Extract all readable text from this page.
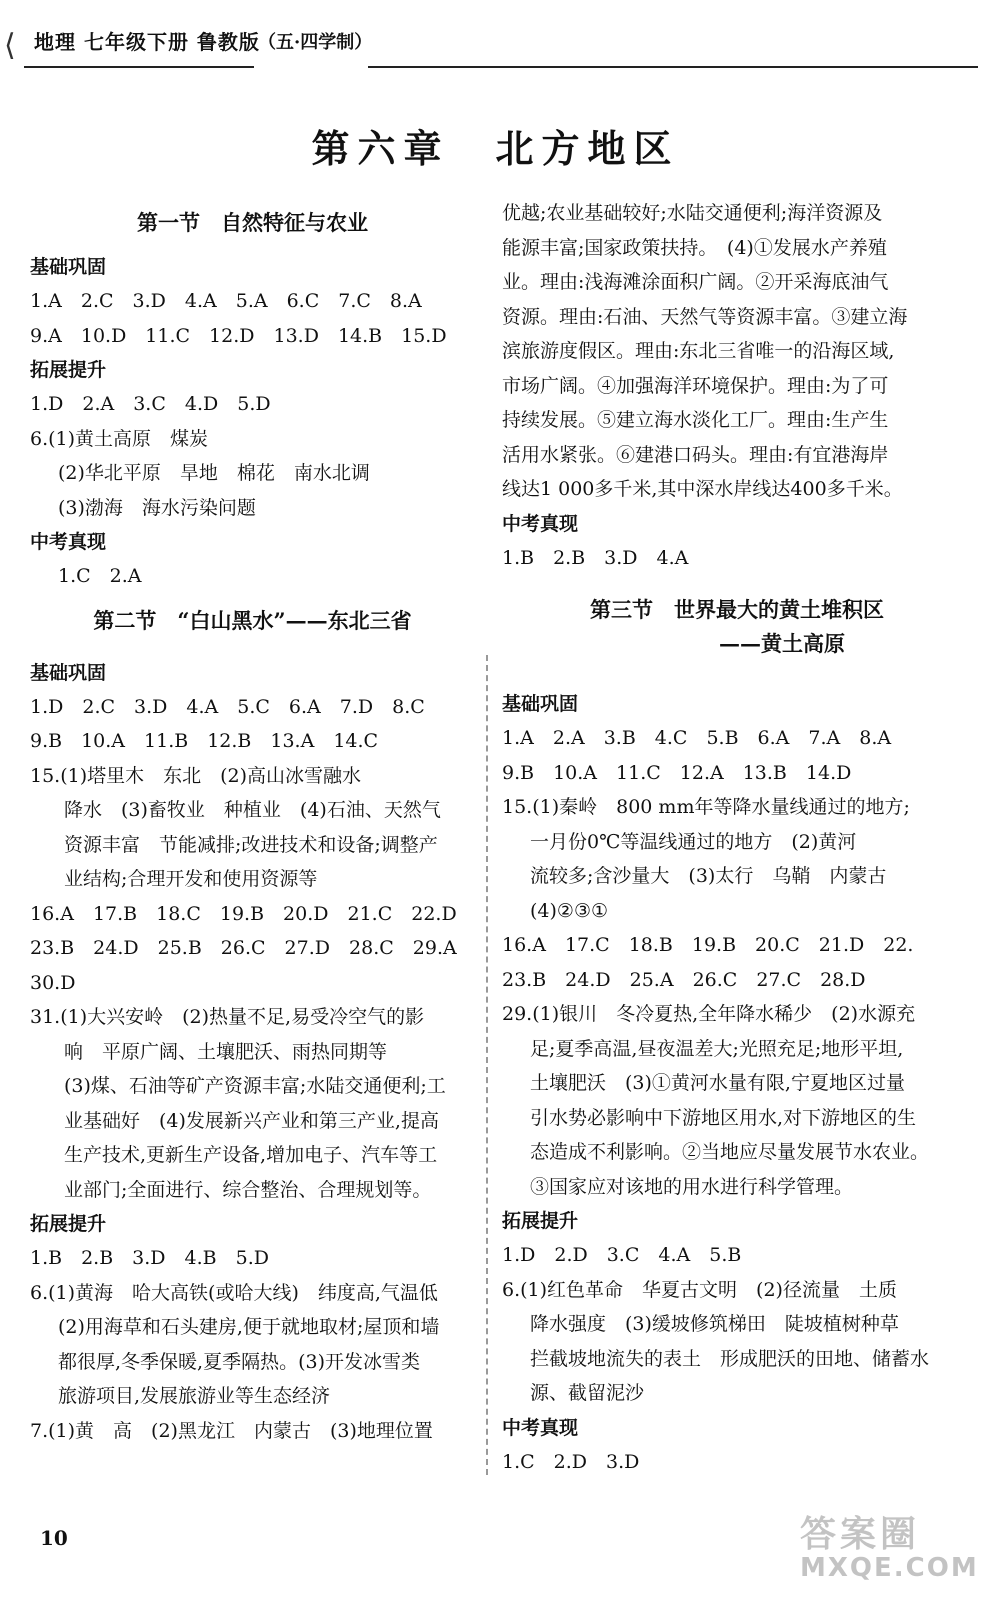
⟨ 地理 七年级下册 鲁教版
（五·四学制）
第六章　北方地区
第一节　自然特征与农业
基础巩固
1.A　2.C　3.D　4.A　5.A　6.C　7.C　8.A
9.A　10.D　11.C　12.D　13.D　14.B　15.D
拓展提升
1.D　2.A　3.C　4.D　5.D
6.(1)黄土高原　煤炭
(2)华北平原　旱地　棉花　南水北调
(3)渤海　海水污染问题
中考真现
1.C　2.A
第二节　“白山黑水”——东北三省
基础巩固
1.D　2.C　3.D　4.A　5.C　6.A　7.D　8.C
9.B　10.A　11.B　12.B　13.A　14.C
15.(1)塔里木　东北　(2)高山冰雪融水
降水　(3)畜牧业　种植业　(4)石油、天然气
资源丰富　节能减排;改进技术和设备;调整产
业结构;合理开发和使用资源等
16.A　17.B　18.C　19.B　20.D　21.C　22.D
23.B　24.D　25.B　26.C　27.D　28.C　29.A
30.D
31.(1)大兴安岭　(2)热量不足,易受冷空气的影
响　平原广阔、土壤肥沃、雨热同期等
(3)煤、石油等矿产资源丰富;水陆交通便利;工
业基础好　(4)发展新兴产业和第三产业,提高
生产技术,更新生产设备,增加电子、汽车等工
业部门;全面进行、综合整治、合理规划等。
拓展提升
1.B　2.B　3.D　4.B　5.D
6.(1)黄海　哈大高铁(或哈大线)　纬度高,气温低
(2)用海草和石头建房,便于就地取材;屋顶和墙
都很厚,冬季保暖,夏季隔热。(3)开发冰雪类
旅游项目,发展旅游业等生态经济
7.(1)黄　高　(2)黑龙江　内蒙古　(3)地理位置
优越;农业基础较好;水陆交通便利;海洋资源及
能源丰富;国家政策扶持。　(4)①发展水产养殖
业。理由:浅海滩涂面积广阔。②开采海底油气
资源。理由:石油、天然气等资源丰富。③建立海
滨旅游度假区。理由:东北三省唯一的沿海区域,
市场广阔。④加强海洋环境保护。理由:为了可
持续发展。⑤建立海水淡化工厂。理由:生产生
活用水紧张。⑥建港口码头。理由:有宜港海岸
线达1 000多千米,其中深水岸线达400多千米。
中考真现
1.B　2.B　3.D　4.A
第三节　世界最大的黄土堆积区
——黄土高原
基础巩固
1.A　2.A　3.B　4.C　5.B　6.A　7.A　8.A
9.B　10.A　11.C　12.A　13.B　14.D
15.(1)秦岭　800 mm年等降水量线通过的地方;
一月份0℃等温线通过的地方　(2)黄河
流较多;含沙量大　(3)太行　乌鞘　内蒙古
(4)②③①
16.A　17.C　18.B　19.B　20.C　21.D　22.
23.B　24.D　25.A　26.C　27.C　28.D
29.(1)银川　冬冷夏热,全年降水稀少　(2)水源充
足;夏季高温,昼夜温差大;光照充足;地形平坦,
土壤肥沃　(3)①黄河水量有限,宁夏地区过量
引水势必影响中下游地区用水,对下游地区的生
态造成不利影响。②当地应尽量发展节水农业。
③国家应对该地的用水进行科学管理。
拓展提升
1.D　2.D　3.C　4.A　5.B
6.(1)红色革命　华夏古文明　(2)径流量　土质
降水强度　(3)缓坡修筑梯田　陡坡植树种草
拦截坡地流失的表土　形成肥沃的田地、储蓄水
源、截留泥沙
中考真现
1.C　2.D　3.D
10	答案圈
MXQE.COM
